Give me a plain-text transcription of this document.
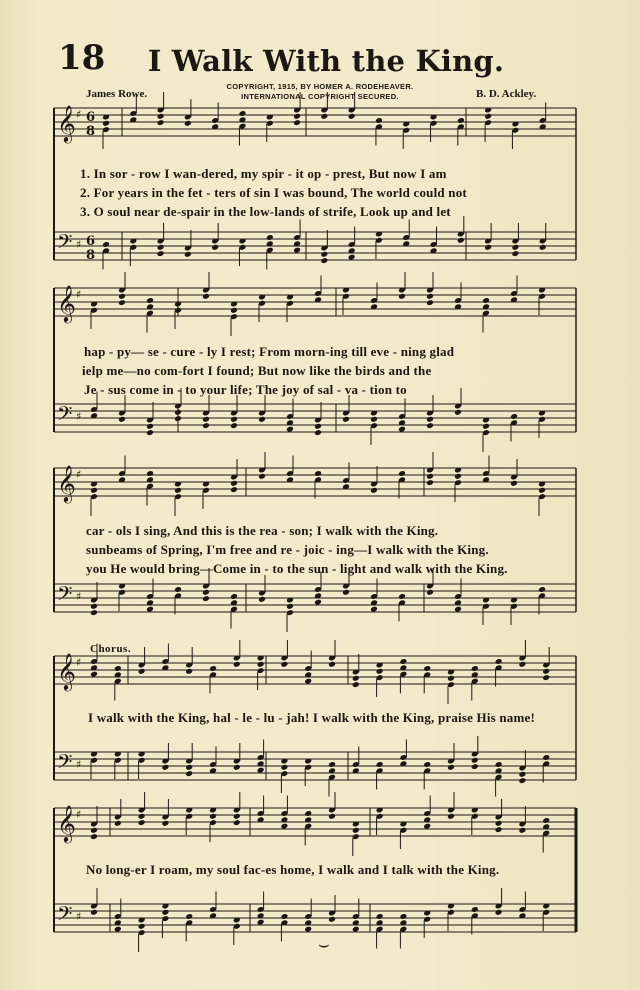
18	I Walk With the King.
COPYRIGHT, 1915, BY HOMER A. RODEHEAVER.
INTERNATIONAL COPYRIGHT SECURED.
James Rowe.	B. D. Ackley.
𝄞 ♯ 6
8
𝄢 ♯ 6
8
𝄞 ♯
𝄢 ♯
𝄞 ♯
𝄢 ♯
𝄞 ♯
𝄢 ♯
𝄞 ♯
𝄢 ♯
1. In sor - row I wan-dered, my spir - it op - prest, But now I am
2. For years in the fet - ters of sin I was bound, The world could not
3. O soul near de-spair in the low-lands of strife, Look up and let
hap - py— se - cure - ly I rest; From morn-ing till eve - ning glad
ielp me—no com-fort I found; But now like the birds and the
Je - sus come in - to your life; The joy of sal - va - tion to
car - ols I sing, And this is the rea - son; I walk with the King.
sunbeams of Spring, I'm free and re - joic - ing—I walk with the King.
you He would bring—Come in - to the sun - light and walk with the King.
Chorus.
I walk with the King, hal - le - lu - jah! I walk with the King, praise His name!
No long-er I roam, my soul fac-es home, I walk and I talk with the King.
⌣
